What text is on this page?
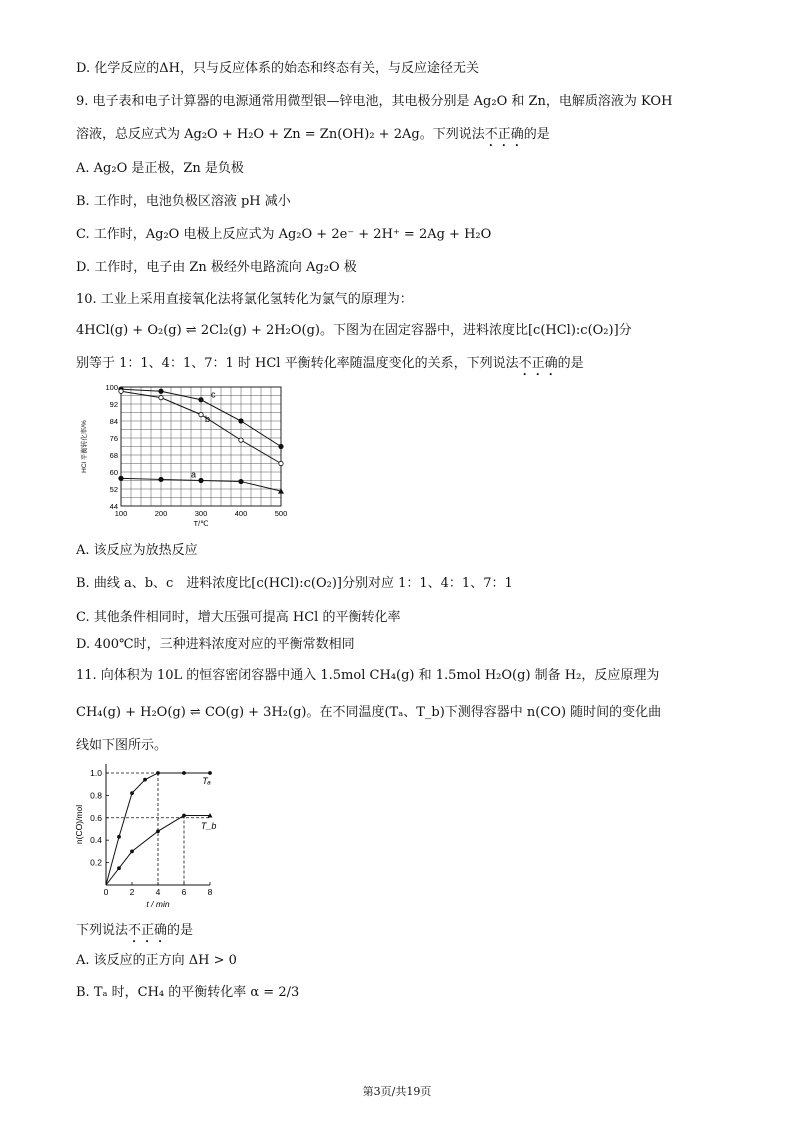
D. 化学反应的ΔH，只与反应体系的始态和终态有关，与反应途径无关
9. 电子表和电子计算器的电源通常用微型银—锌电池，其电极分别是 Ag₂O 和 Zn，电解质溶液为 KOH
溶液，总反应式为 Ag₂O + H₂O + Zn = Zn(OH)₂ + 2Ag。下列说法不正确的是
A. Ag₂O 是正极，Zn 是负极
B. 工作时，电池负极区溶液 pH 减小
C. 工作时，Ag₂O 电极上反应式为 Ag₂O + 2e⁻ + 2H⁺ = 2Ag + H₂O
D. 工作时，电子由 Zn 极经外电路流向 Ag₂O 极
10. 工业上采用直接氧化法将氯化氢转化为氯气的原理为：
4HCl(g) + O₂(g) ⇌ 2Cl₂(g) + 2H₂O(g)。下图为在固定容器中，进料浓度比[c(HCl):c(O₂)]分
别等于 1：1、4：1、7：1 时 HCl 平衡转化率随温度变化的关系，下列说法不正确的是
44
52
60
68
76
84
92
100
100	200	300	400	500
T/℃
HCl 平衡转化率/%
c
b
a
A. 该反应为放热反应
B. 曲线 a、b、c　进料浓度比[c(HCl):c(O₂)]分别对应 1：1、4：1、7：1
C. 其他条件相同时，增大压强可提高 HCl 的平衡转化率
D. 400℃时，三种进料浓度对应的平衡常数相同
11. 向体积为 10L 的恒容密闭容器中通入 1.5mol CH₄(g) 和 1.5mol H₂O(g) 制备 H₂，反应原理为
CH₄(g) + H₂O(g) ⇌ CO(g) + 3H₂(g)。在不同温度(Tₐ、T_b)下测得容器中 n(CO) 随时间的变化曲
线如下图所示。
0	2	4	6	8
0.2
0.4
0.6
0.8
1.0
t / min
n(CO)/mol
Tₐ
T_b
下列说法不正确的是
A. 该反应的正方向 ΔH > 0
B. Tₐ 时，CH₄ 的平衡转化率 α = 2/3
第3页/共19页
